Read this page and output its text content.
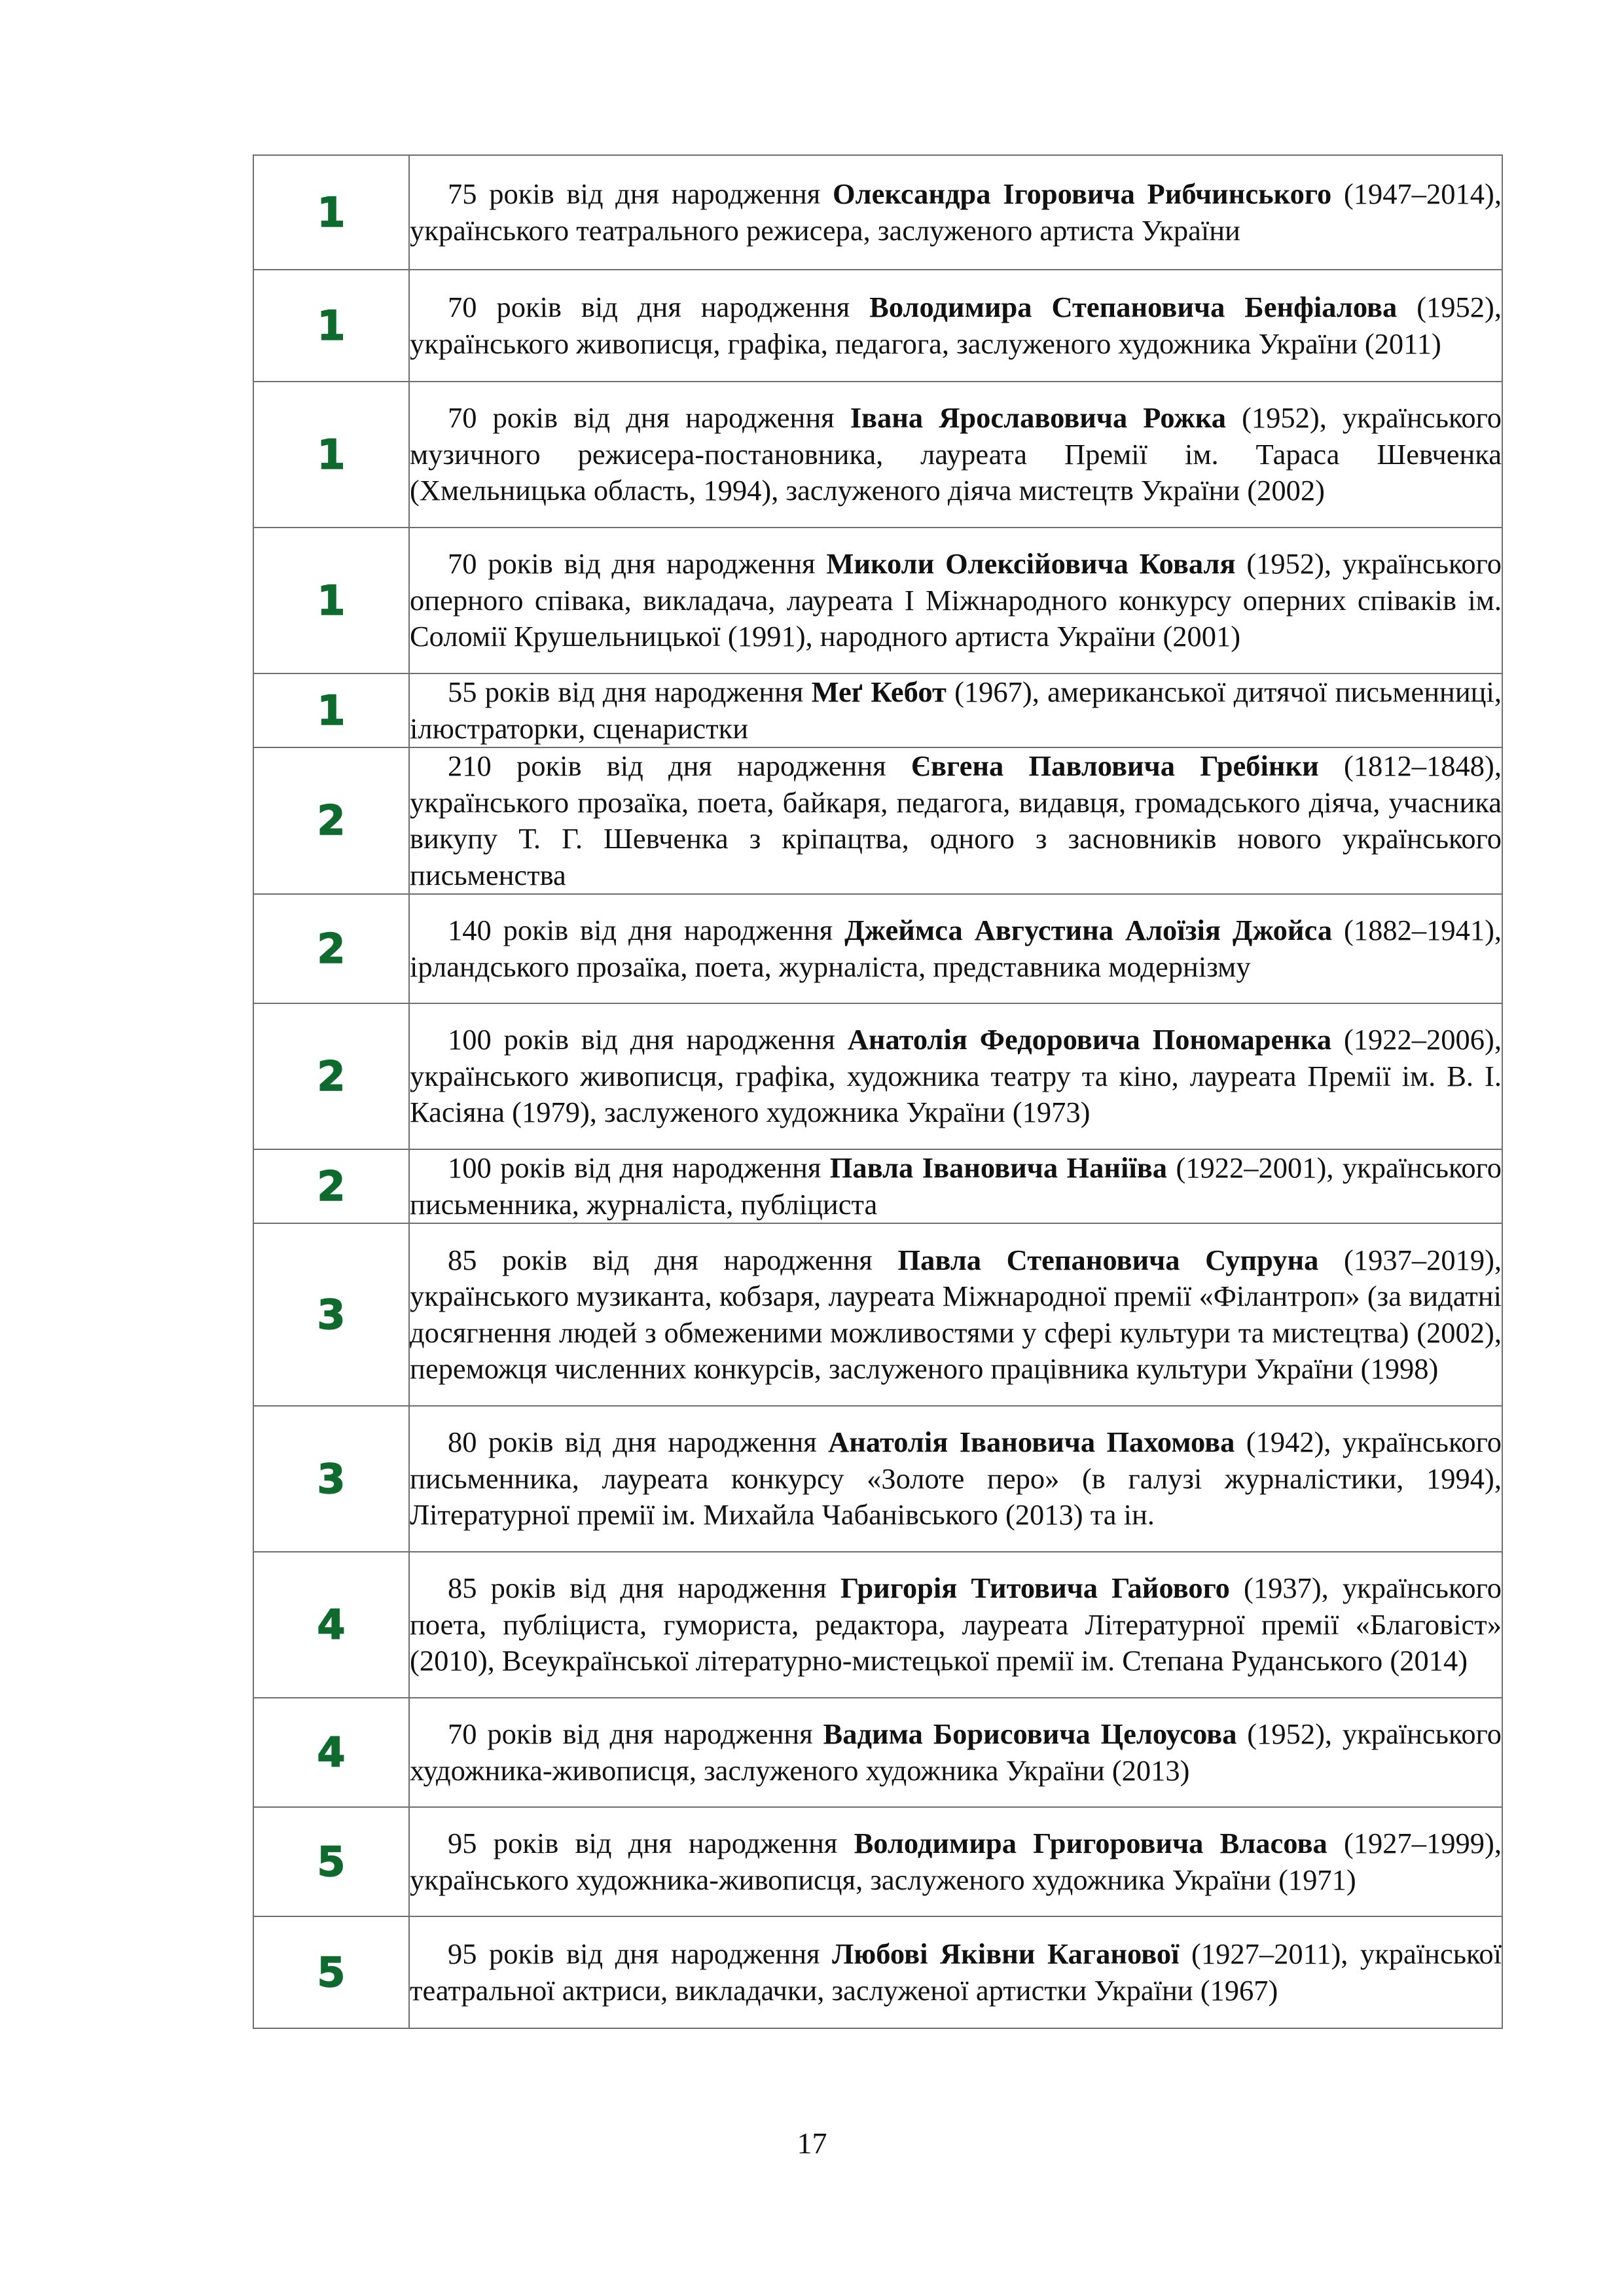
1	75 років від дня народження Олександра Ігоровича Рибчинського (1947–2014), українського театрального режисера, заслуженого артиста України

1	70 років від дня народження Володимира Степановича Бенфіалова (1952), українського живописця, графіка, педагога, заслуженого художника України (2011)

1	70 років від дня народження Івана Ярославовича Рожка (1952), українського музичного режисера-постановника, лауреата Премії ім. Тараса Шевченка (Хмельницька область, 1994), заслуженого діяча мистецтв України (2002)

1	70 років від дня народження Миколи Олексійовича Коваля (1952), українського оперного співака, викладача, лауреата І Міжнародного конкурсу оперних співаків ім. Соломії Крушельницької (1991), народного артиста України (2001)

1	55 років від дня народження Меґ Кебот (1967), американської дитячої письменниці, ілюстраторки, сценаристки

2	210 років від дня народження Євгена Павловича Гребінки (1812–1848), українського прозаїка, поета, байкаря, педагога, видавця, громадського діяча, учасника викупу Т. Г. Шевченка з кріпацтва, одного з засновників нового українського письменства

2	140 років від дня народження Джеймса Августина Алоїзія Джойса (1882–1941), ірландського прозаїка, поета, журналіста, представника модернізму

2	100 років від дня народження Анатолія Федоровича Пономаренка (1922–2006), українського живописця, графіка, художника театру та кіно, лауреата Премії ім. В. І. Касіяна (1979), заслуженого художника України (1973)

2	100 років від дня народження Павла Івановича Наніїва (1922–2001), українського письменника, журналіста, публіциста

3	85 років від дня народження Павла Степановича Супруна (1937–2019), українського музиканта, кобзаря, лауреата Міжнародної премії «Філантроп» (за видатні досягнення людей з обмеженими можливостями у сфері культури та мистецтва) (2002), переможця численних конкурсів, заслуженого працівника культури України (1998)

3	80 років від дня народження Анатолія Івановича Пахомова (1942), українського письменника, лауреата конкурсу «Золоте перо» (в галузі журналістики, 1994), Літературної премії ім. Михайла Чабанівського (2013) та ін.

4	85 років від дня народження Григорія Титовича Гайового (1937), українського поета, публіциста, гумориста, редактора, лауреата Літературної премії «Благовіст» (2010), Всеукраїнської літературно-мистецької премії ім. Степана Руданського (2014)

4	70 років від дня народження Вадима Борисовича Целоусова (1952), українського художника-живописця, заслуженого художника України (2013)

5	95 років від дня народження Володимира Григоровича Власова (1927–1999), українського художника-живописця, заслуженого художника України (1971)

5	95 років від дня народження Любові Яківни Каганової (1927–2011), української театральної актриси, викладачки, заслуженої артистки України (1967)

17
